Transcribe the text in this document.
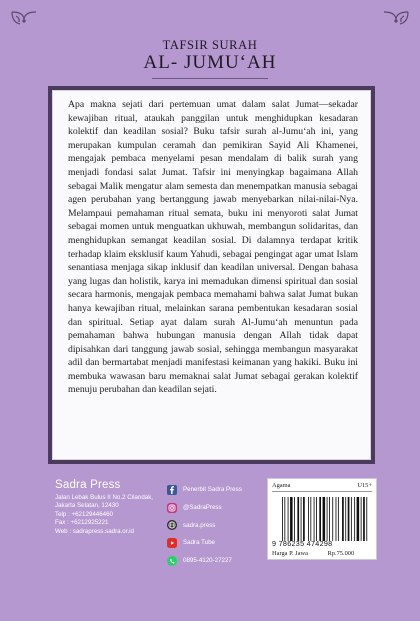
TAFSIR SURAH
AL- JUMU‘AH

Apa makna sejati dari pertemuan umat dalam salat Jumat—sekadar kewajiban ritual, ataukah panggilan untuk menghidupkan kesadaran kolektif dan keadilan sosial? Buku tafsir surah al-Jumu‘ah ini, yang merupakan kumpulan ceramah dan pemikiran Sayid Ali Khamenei, mengajak pembaca menyelami pesan mendalam di balik surah yang menjadi fondasi salat Jumat. Tafsir ini menyingkap bagaimana Allah sebagai Malik mengatur alam semesta dan menempatkan manusia sebagai agen perubahan yang bertanggung jawab menyebarkan nilai-nilai-Nya. Melampaui pemahaman ritual semata, buku ini menyoroti salat Jumat sebagai momen untuk menguatkan ukhuwah, membangun solidaritas, dan menghidupkan semangat keadilan sosial. Di dalamnya terdapat kritik terhadap klaim eksklusif kaum Yahudi, sebagai pengingat agar umat Islam senantiasa menjaga sikap inklusif dan keadilan universal. Dengan bahasa yang lugas dan holistik, karya ini memadukan dimensi spiritual dan sosial secara harmonis, mengajak pembaca memahami bahwa salat Jumat bukan hanya kewajiban ritual, melainkan sarana pembentukan kesadaran sosial dan spiritual. Setiap ayat dalam surah Al-Jumu‘ah menuntun pada pemahaman bahwa hubungan manusia dengan Allah tidak dapat dipisahkan dari tanggung jawab sosial, sehingga membangun masyarakat adil dan bermartabat menjadi manifestasi keimanan yang hakiki. Buku ini membuka wawasan baru memaknai salat Jumat sebagai gerakan kolektif menuju perubahan dan keadilan sejati.

Sadra Press
Jalan Lebak Bulus II No.2 Cilandak,
Jakarta Selatan, 12430
Telp : +62129446460
Fax : +6212925221
Web : sadrapress.sadra.or.id
Penerbit Sadra Press
@SadraPress
sadra.press
Sadra Tube
0895-4120-27227
Agama	U15+
9 786235 474298
Harga P. Jawa	Rp.75.000
